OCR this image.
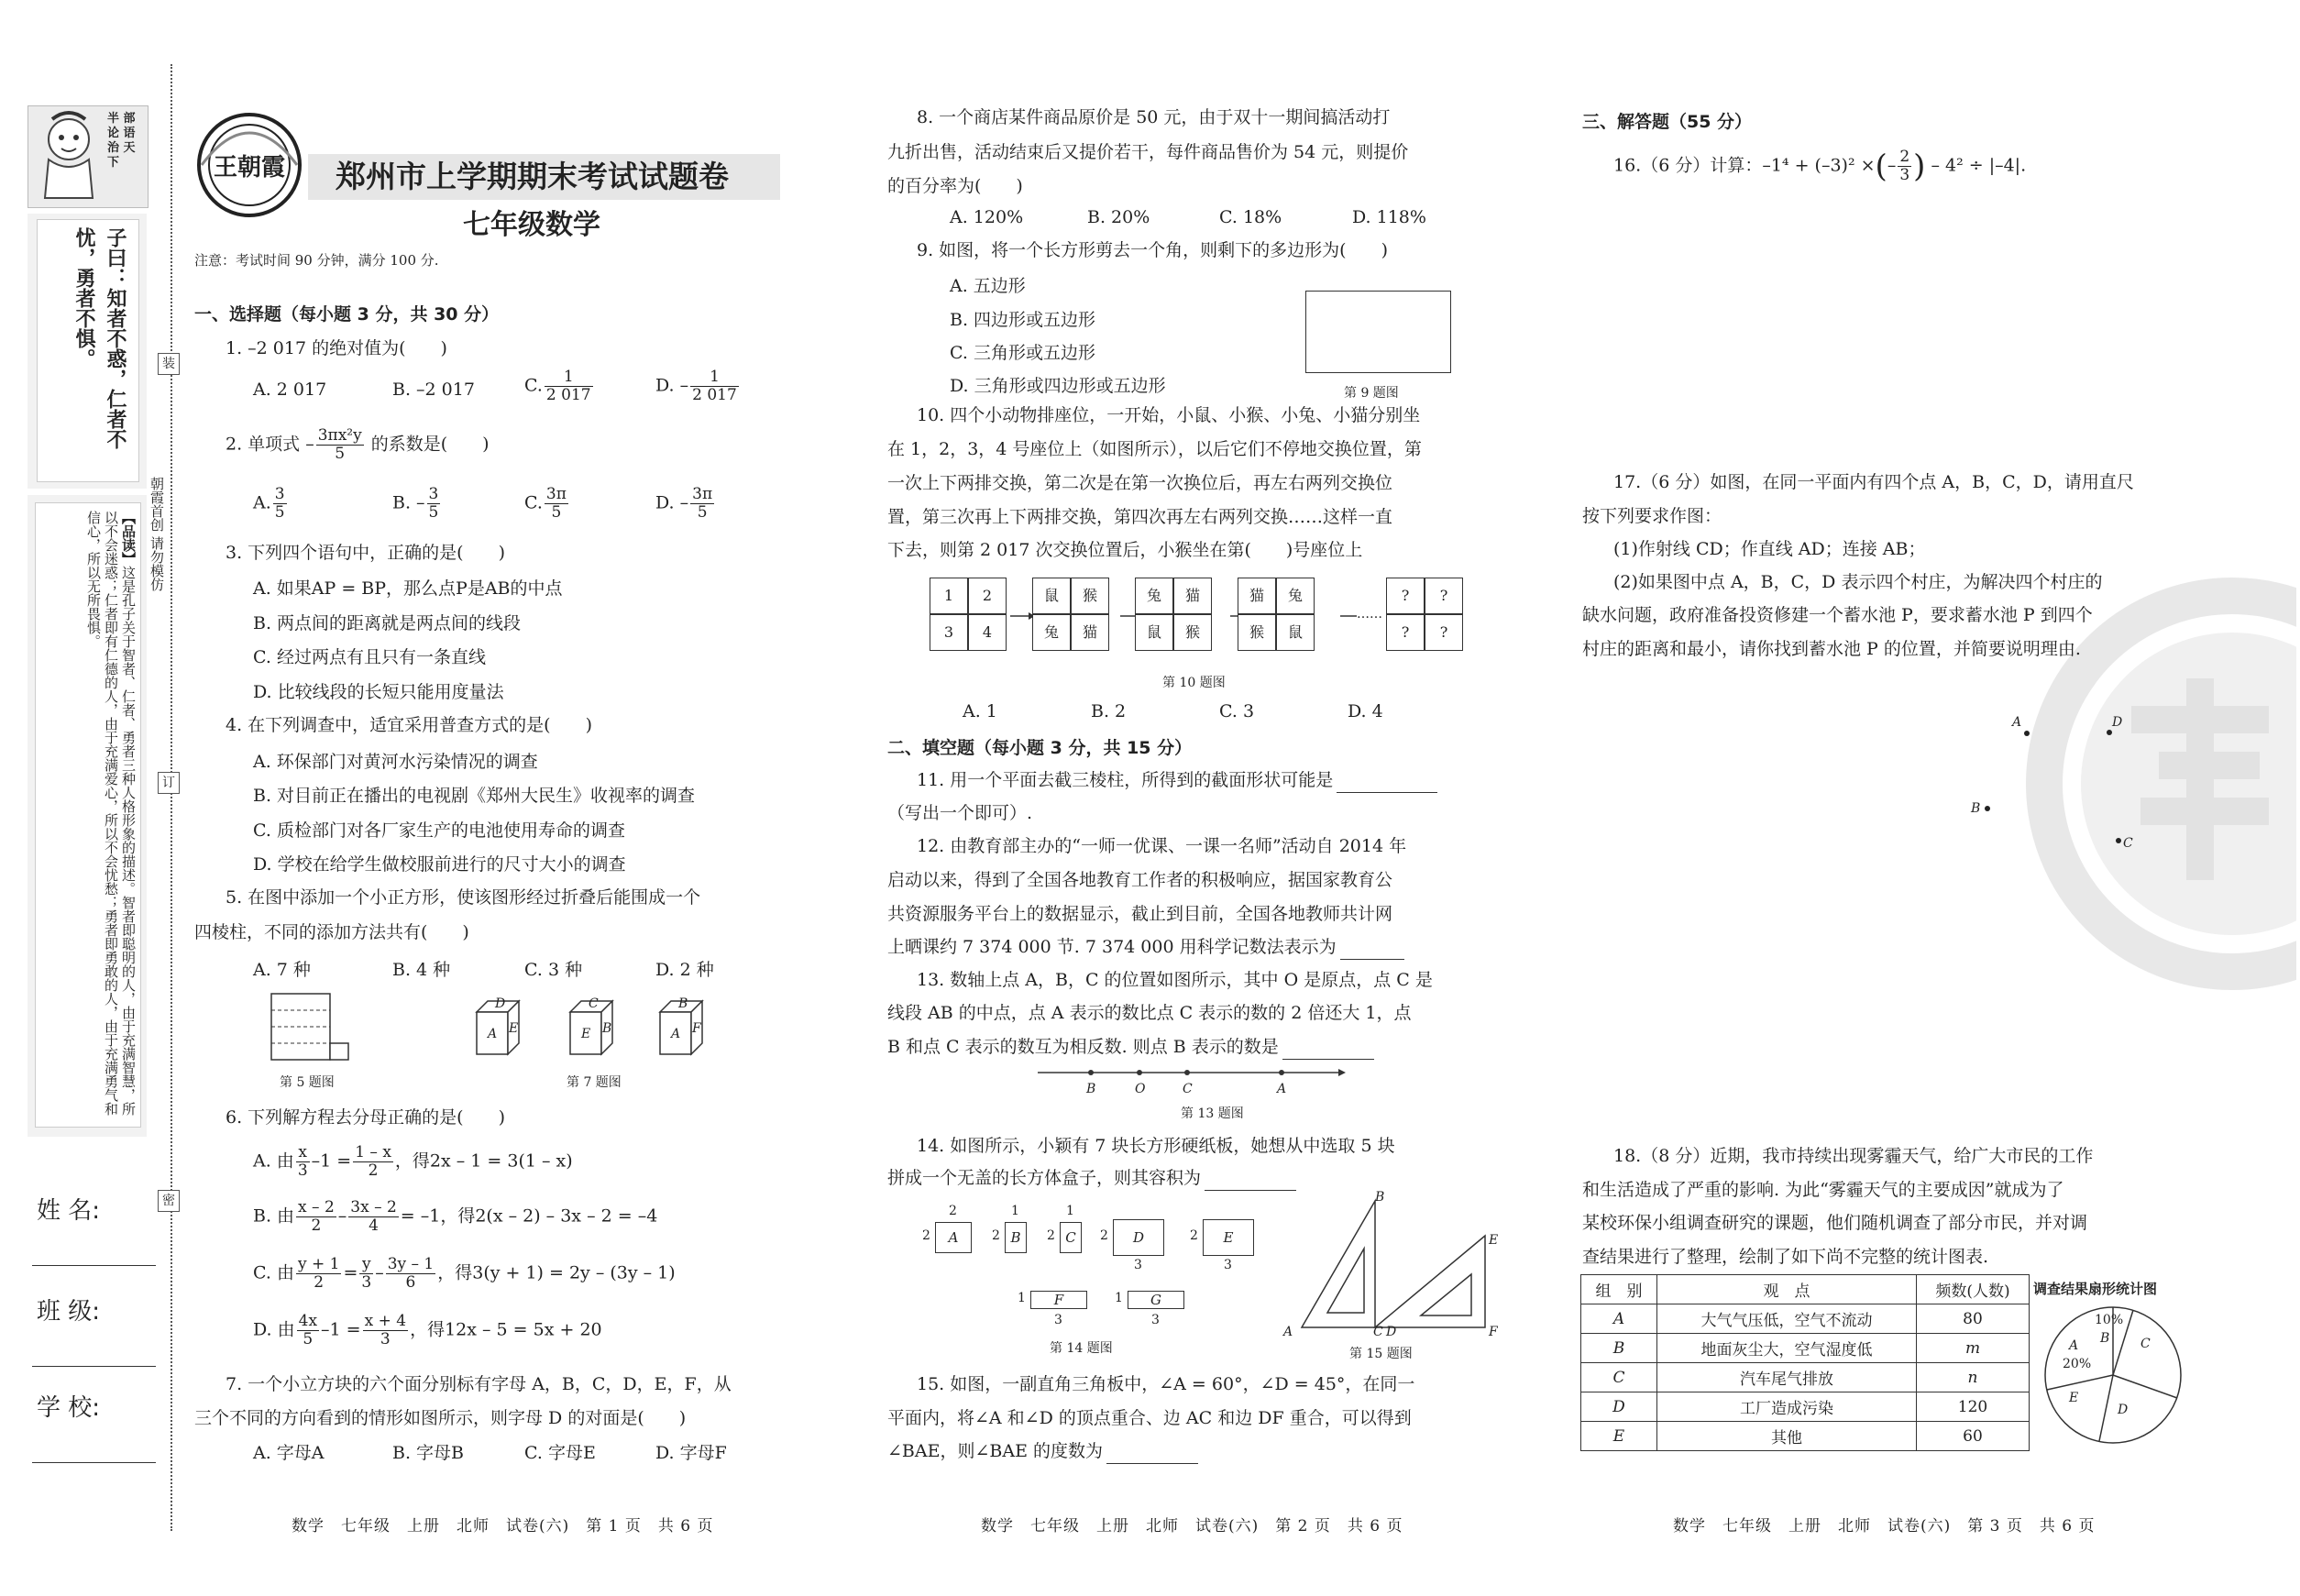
半 部
论 语
治 天
下
子曰：知者不惑，仁者不忧，勇者不惧。
【品读】这是孔子关于智者、仁者、勇者三种人格形象的描述。智者即聪明的人，由于充满智慧，所以不会迷惑；仁者即有仁德的人，由于充满爱心，所以不会忧愁；勇者即勇敢的人，由于充满勇气和信心，所以无所畏惧。
姓 名:
班 级:
学 校:
装
订
密
朝霞首创 请勿模仿
王朝霞 郑州市上学期期末考试试题卷
七年级数学
注意：考试时间 90 分钟，满分 100 分.
一、选择题（每小题 3 分，共 30 分）
1. –2 017 的绝对值为(　　)
A. 2 017	B. –2 017	C. $\frac{1}{2 017}$	D. – $\frac{1}{2 017}$
2. 单项式 – $\frac{\text{3πx²y}}{5}$ 的系数是(　　)
A. $\frac{3}{5}$	B. – $\frac{3}{5}$	C. $\frac{3\pi}{5}$	D. – $\frac{3\pi}{5}$
3. 下列四个语句中，正确的是(　　)
A. 如果AP = BP，那么点P是AB的中点
B. 两点间的距离就是两点间的线段
C. 经过两点有且只有一条直线
D. 比较线段的长短只能用度量法
4. 在下列调查中，适宜采用普查方式的是(　　)
A. 环保部门对黄河水污染情况的调查
B. 对目前正在播出的电视剧《郑州大民生》收视率的调查
C. 质检部门对各厂家生产的电池使用寿命的调查
D. 学校在给学生做校服前进行的尺寸大小的调查
5. 在图中添加一个小正方形，使该图形经过折叠后能围成一个
四棱柱，不同的添加方法共有(　　)
A. 7 种	B. 4 种	C. 3 种	D. 2 种
第 5 题图
D
A E
C
E B
B
A F
第 7 题图
6. 下列解方程去分母正确的是(　　)
A. 由 $\frac{x}{3} -1 = \frac{1 - x}{2}$ ，得2x – 1 = 3(1 – x)
B. 由 $\frac{x - 2}{2} - \frac{3x - 2}{4} = -1$，得2(x – 2) – 3x – 2 = –4
C. 由 $\frac{y + 1}{2} = \frac{y}{3} - \frac{3y - 1}{6}$ ，得3(y + 1) = 2y – (3y – 1)
D. 由 $\frac{4x}{5} -1 = \frac{x + 4}{3}$ ，得12x – 5 = 5x + 20
7. 一个小立方块的六个面分别标有字母 A，B，C，D，E，F，从
三个不同的方向看到的情形如图所示，则字母 D 的对面是(　　)
A. 字母A	B. 字母B	C. 字母E	D. 字母F
数学　七年级　上册　北师　试卷(六)　第 1 页　共 6 页
8. 一个商店某件商品原价是 50 元，由于双十一期间搞活动打
九折出售，活动结束后又提价若干，每件商品售价为 54 元，则提价
的百分率为(　　)
A. 120%	B. 20%	C. 18%	D. 118%
9. 如图，将一个长方形剪去一个角，则剩下的多边形为(　　)
A. 五边形
B. 四边形或五边形
C. 三角形或五边形
D. 三角形或四边形或五边形	第 9 题图
10. 四个小动物排座位，一开始，小鼠、小猴、小兔、小猫分别坐
在 1，2，3，4 号座位上（如图所示），以后它们不停地交换位置，第
一次上下两排交换，第二次是在第一次换位后，再左右两列交换位
置，第三次再上下两排交换，第四次再左右两列交换……这样一直
下去，则第 2 017 次交换位置后，小猴坐在第(　　)号座位上
……
1	2
3	4
鼠	猴
兔	猫
兔	猫
鼠	猴
猫	兔
猴	鼠
?	?
?	?
第 10 题图
A. 1	B. 2	C. 3	D. 4
二、填空题（每小题 3 分，共 15 分）
11. 用一个平面去截三棱柱，所得到的截面形状可能是
（写出一个即可）.
12. 由教育部主办的“一师一优课、一课一名师”活动自 2014 年
启动以来，得到了全国各地教育工作者的积极响应，据国家教育公
共资源服务平台上的数据显示，截止到目前，全国各地教师共计网
上晒课约 7 374 000 节. 7 374 000 用科学记数法表示为
13. 数轴上点 A，B，C 的位置如图所示，其中 O 是原点，点 C 是
线段 AB 的中点，点 A 表示的数比点 C 表示的数的 2 倍还大 1，点
B 和点 C 表示的数互为相反数. 则点 B 表示的数是
B	O	C	A
第 13 题图
14. 如图所示，小颖有 7 块长方形硬纸板，她想从中选取 5 块
拼成一个无盖的长方体盒子，则其容积为
A
2
2	B
1
2	C
1
2	D
3
2	E
3
2
F
3
1	G
3
1
第 14 题图
B
A	C D
E
F
第 15 题图
15. 如图，一副直角三角板中，∠A = 60°，∠D = 45°，在同一
平面内，将∠A 和∠D 的顶点重合、边 AC 和边 DF 重合，可以得到
∠BAE，则∠BAE 的度数为
数学　七年级　上册　北师　试卷(六)　第 2 页　共 6 页
三、解答题（55 分）
16.（6 分）计算：–1⁴ + (–3)² ×(– $\frac{2}{3}$ ) – 4² ÷ |–4|.
17.（6 分）如图，在同一平面内有四个点 A，B，C，D，请用直尺
按下列要求作图：
(1)作射线 CD；作直线 AD；连接 AB；
(2)如果图中点 A，B，C，D 表示四个村庄，为解决四个村庄的
缺水问题，政府准备投资修建一个蓄水池 P，要求蓄水池 P 到四个
村庄的距离和最小，请你找到蓄水池 P 的位置，并简要说明理由.
A	D
B
C
18.（8 分）近期，我市持续出现雾霾天气，给广大市民的工作
和生活造成了严重的影响. 为此“雾霾天气的主要成因”就成为了
某校环保小组调查研究的课题，他们随机调查了部分市民，并对调
查结果进行了整理，绘制了如下尚不完整的统计图表.
组　别	观　点	频数(人数)
A	大气气压低，空气不流动	80
B	地面灰尘大，空气湿度低	m
C	汽车尾气排放	n
D	工厂造成污染	120
E	其他	60
调查结果扇形统计图
10%
A B C
20%
E
D
数学　七年级　上册　北师　试卷(六)　第 3 页　共 6 页
